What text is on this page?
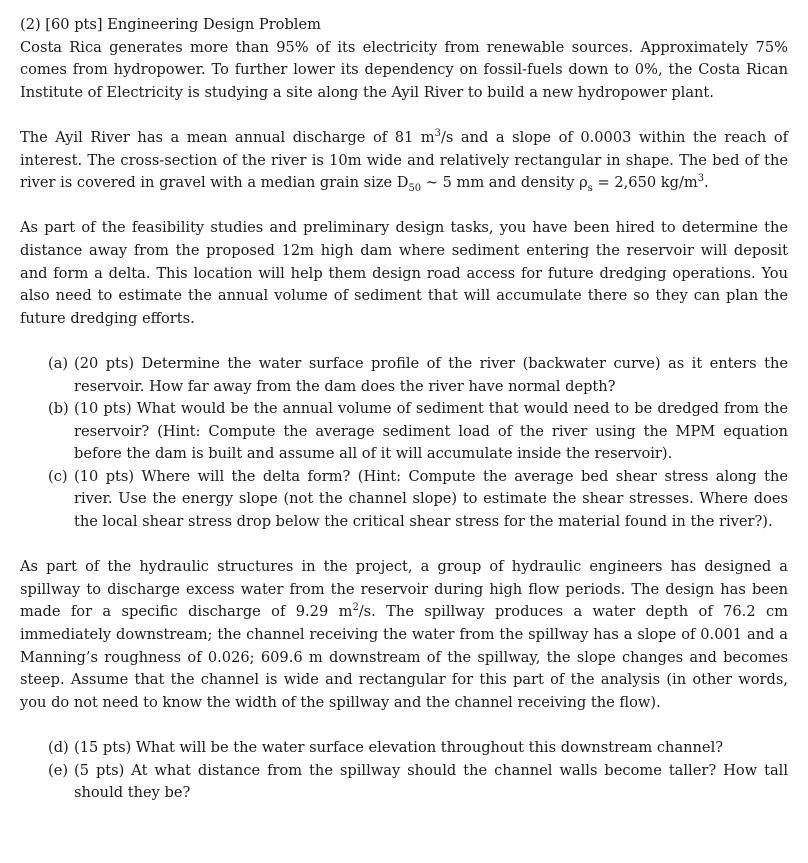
(2) [60 pts] Engineering Design Problem

Costa Rica generates more than 95% of its electricity from renewable sources. Approximately 75% comes from hydropower. To further lower its dependency on fossil-fuels down to 0%, the Costa Rican Institute of Electricity is studying a site along the Ayil River to build a new hydropower plant.

The Ayil River has a mean annual discharge of 81 $m^3/s$ and a slope of 0.0003 within the reach of interest. The cross-section of the river is 10m wide and relatively rectangular in shape. The bed of the river is covered in gravel with a median grain size $D_{50}$ ~ 5 mm and density $\rho_s = 2,650$ $kg/m^3$.

As part of the feasibility studies and preliminary design tasks, you have been hired to determine the distance away from the proposed 12m high dam where sediment entering the reservoir will deposit and form a delta. This location will help them design road access for future dredging operations. You also need to estimate the annual volume of sediment that will accumulate there so they can plan the future dredging efforts.

(a) (20 pts) Determine the water surface profile of the river (backwater curve) as it enters the reservoir. How far away from the dam does the river have normal depth?
(b) (10 pts) What would be the annual volume of sediment that would need to be dredged from the reservoir? (Hint: Compute the average sediment load of the river using the MPM equation before the dam is built and assume all of it will accumulate inside the reservoir).
(c) (10 pts) Where will the delta form? (Hint: Compute the average bed shear stress along the river. Use the energy slope (not the channel slope) to estimate the shear stresses. Where does the local shear stress drop below the critical shear stress for the material found in the river?).

As part of the hydraulic structures in the project, a group of hydraulic engineers has designed a spillway to discharge excess water from the reservoir during high flow periods. The design has been made for a specific discharge of 9.29 $m^2/s$. The spillway produces a water depth of 76.2 cm immediately downstream; the channel receiving the water from the spillway has a slope of 0.001 and a Manning’s roughness of 0.026; 609.6 m downstream of the spillway, the slope changes and becomes steep. Assume that the channel is wide and rectangular for this part of the analysis (in other words, you do not need to know the width of the spillway and the channel receiving the flow).

(d) (15 pts) What will be the water surface elevation throughout this downstream channel?
(e) (5 pts) At what distance from the spillway should the channel walls become taller? How tall should they be?
